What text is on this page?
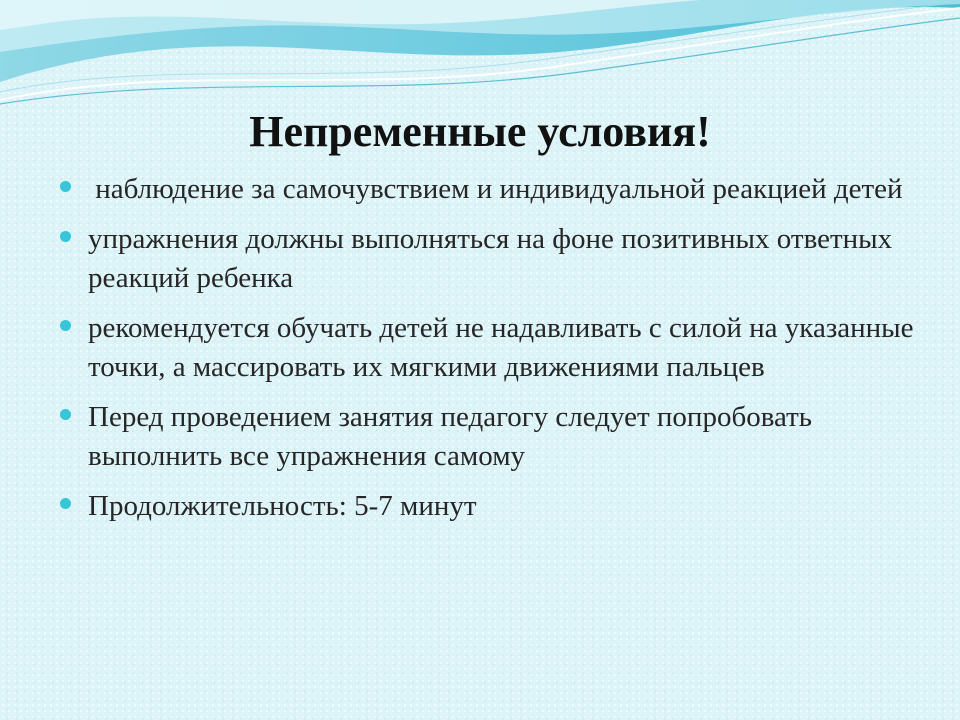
Непременные условия!
наблюдение за самочувствием и индивидуальной реакцией детей
упражнения должны выполняться на фоне позитивных ответных реакций ребенка
рекомендуется обучать детей не надавливать с силой на указанные точки, а массировать их мягкими движениями пальцев
Перед проведением занятия педагогу следует попробовать выполнить все упражнения самому
Продолжительность: 5-7 минут
